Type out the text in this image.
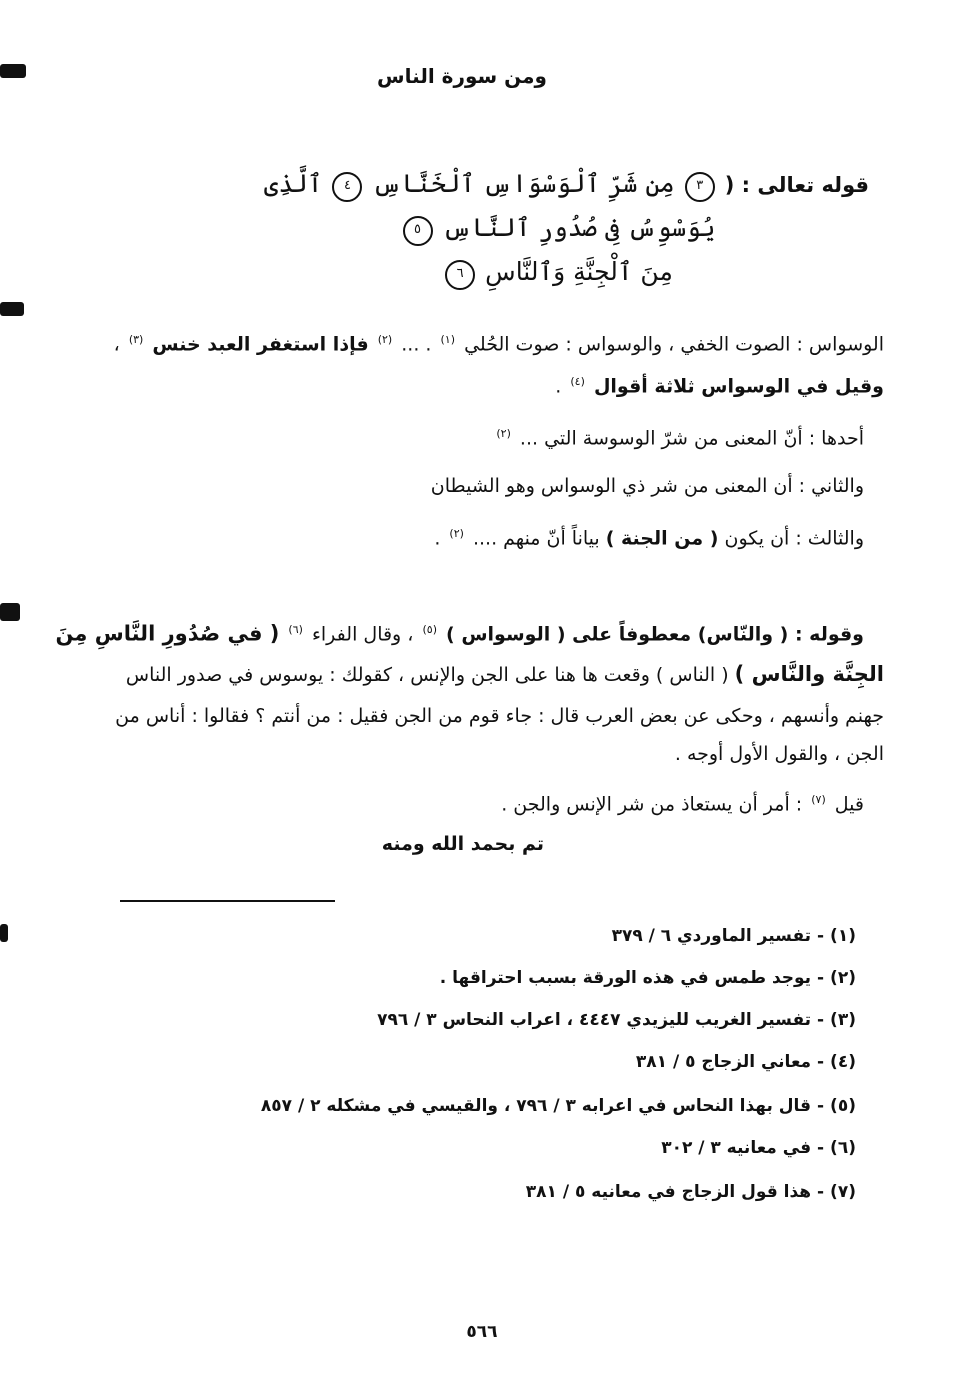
ومن سورة الناس
قوله تعالى : ( ٣ مِن شَرِّ ٱلْوَسْوَاسِ ٱلْخَنَّاسِ ٤ ٱلَّذِى
يُوَسْوِسُ فِى صُدُورِ ٱلنَّاسِ ٥
مِنَ ٱلْجِنَّةِ وَٱلنَّاسِ ٦
الوسواس : الصوت الخفي ، والوسواس : صوت الحُلي $^{(١)}$ . ... $^{(٢)}$ فإذا استغفر العبد خنس $^{(٣)}$ ،
وقيل في الوسواس ثلاثة أقوال $^{(٤)}$ .
أحدها : أنّ المعنى من شرّ الوسوسة التي ... $^{(٢)}$
والثاني : أن المعنى من شر ذي الوسواس وهو الشيطان
والثالث : أن يكون ( من الجنة ) بياناً أنّ منهم .... $^{(٢)}$ .
وقوله : ( والنّاس) معطوفاً على ( الوسواس ) $^{(٥)}$ ، وقال الفراء $^{(٦)}$ ( في صُدُورِ النَّاسِ مِنَ
الجِنَّة والنَّاس ) ( الناس ) وقعت ها هنا على الجن والإنس ، كقولك : يوسوس في صدور الناس
جهنم وأنسهم ، وحكى عن بعض العرب قال : جاء قوم من الجن فقيل : من أنتم ؟ فقالوا : أناس من
الجن ، والقول الأول أوجه .
قيل $^{(٧)}$ : أمر أن يستعاذ من شر الإنس والجن .
تم بحمد الله ومنه
(١)- تفسير الماوردي ٦ / ٣٧٩
(٢)- يوجد طمس في هذه الورقة بسبب احتراقها .
(٣)- تفسير الغريب لليزيدي ٤٤٤٧ ، اعراب النحاس ٣ / ٧٩٦
(٤)- معاني الزجاج ٥ / ٣٨١
(٥)- قال بهذا النحاس في اعرابه ٣ / ٧٩٦ ، والقيسي في مشكله ٢ / ٨٥٧
(٦)- في معانيه ٣ / ٣٠٢
(٧)- هذا قول الزجاج في معانيه ٥ / ٣٨١
٥٦٦
